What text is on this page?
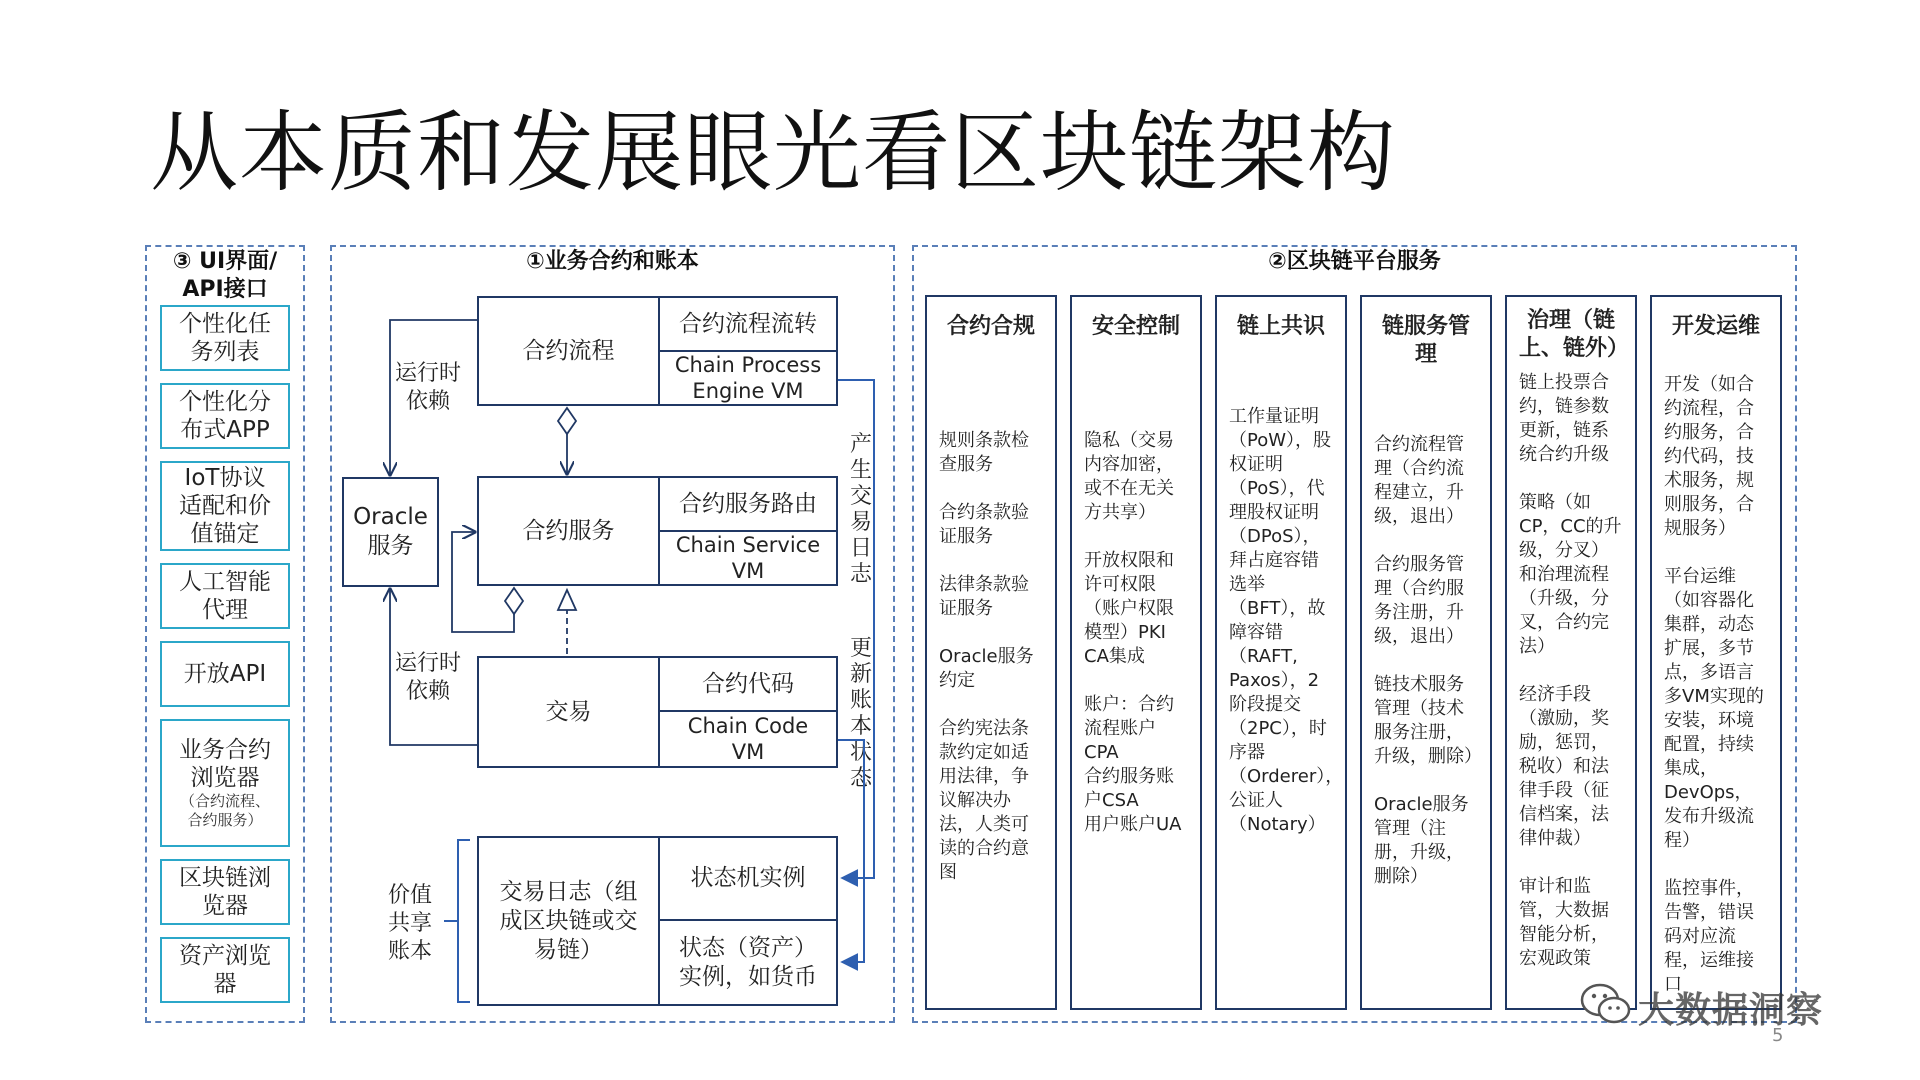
从本质和发展眼光看区块链架构
③ UI界面/
API接口
个性化任
务列表
个性化分
布式APP
IoT协议
适配和价
值锚定
人工智能
代理
开放API
业务合约
浏览器
（合约流程、
合约服务）
区块链浏
览器
资产浏览
器
①业务合约和账本
合约流程
合约流程流转
Chain Process
Engine VM
合约服务
合约服务路由
Chain Service
VM
交易
合约代码
Chain Code
VM
交易日志（组
成区块链或交
易链）
状态机实例
状态（资产）
实例，如货币
Oracle
服务
运行时
依赖
运行时
依赖
价值
共享
账本
产生交易日志
更新账本状态
②区块链平台服务
合约合规
规则条款检查服务
合约条款验证服务
法律条款验证服务
Oracle服务约定
合约宪法条款约定如适用法律，争议解决办法，人类可读的合约意图
安全控制
隐私（交易内容加密，或不在无关方共享）
开放权限和许可权限（账户权限模型）PKI CA集成
账户：合约流程账户CPA
合约服务账户CSA
用户账户UA
链上共识
工作量证明（PoW），股权证明（PoS），代理股权证明（DPoS），拜占庭容错选举（BFT），故障容错（RAFT, Paxos），2阶段提交（2PC），时序器（Orderer），公证人（Notary）
链服务管理
合约流程管理（合约流程建立，升级，退出）
合约服务管理（合约服务注册，升级，退出）
链技术服务管理（技术服务注册，升级，删除）
Oracle服务管理（注册，升级，删除）
治理（链上、链外）
链上投票合约，链参数更新，链系统合约升级
策略（如CP，CC的升级，分叉）和治理流程（升级，分叉，合约完法）
经济手段（激励，奖励，惩罚，税收）和法律手段（征信档案，法律仲裁）
审计和监管，大数据智能分析，宏观政策
开发运维
开发（如合约流程，合约服务，合约代码，技术服务，规则服务，合规服务）
平台运维（如容器化集群，动态扩展，多节点，多语言多VM实现的安装，环境配置，持续集成，DevOps，发布升级流程）
监控事件，告警，错误码对应流程，运维接口
大数据洞察
5
